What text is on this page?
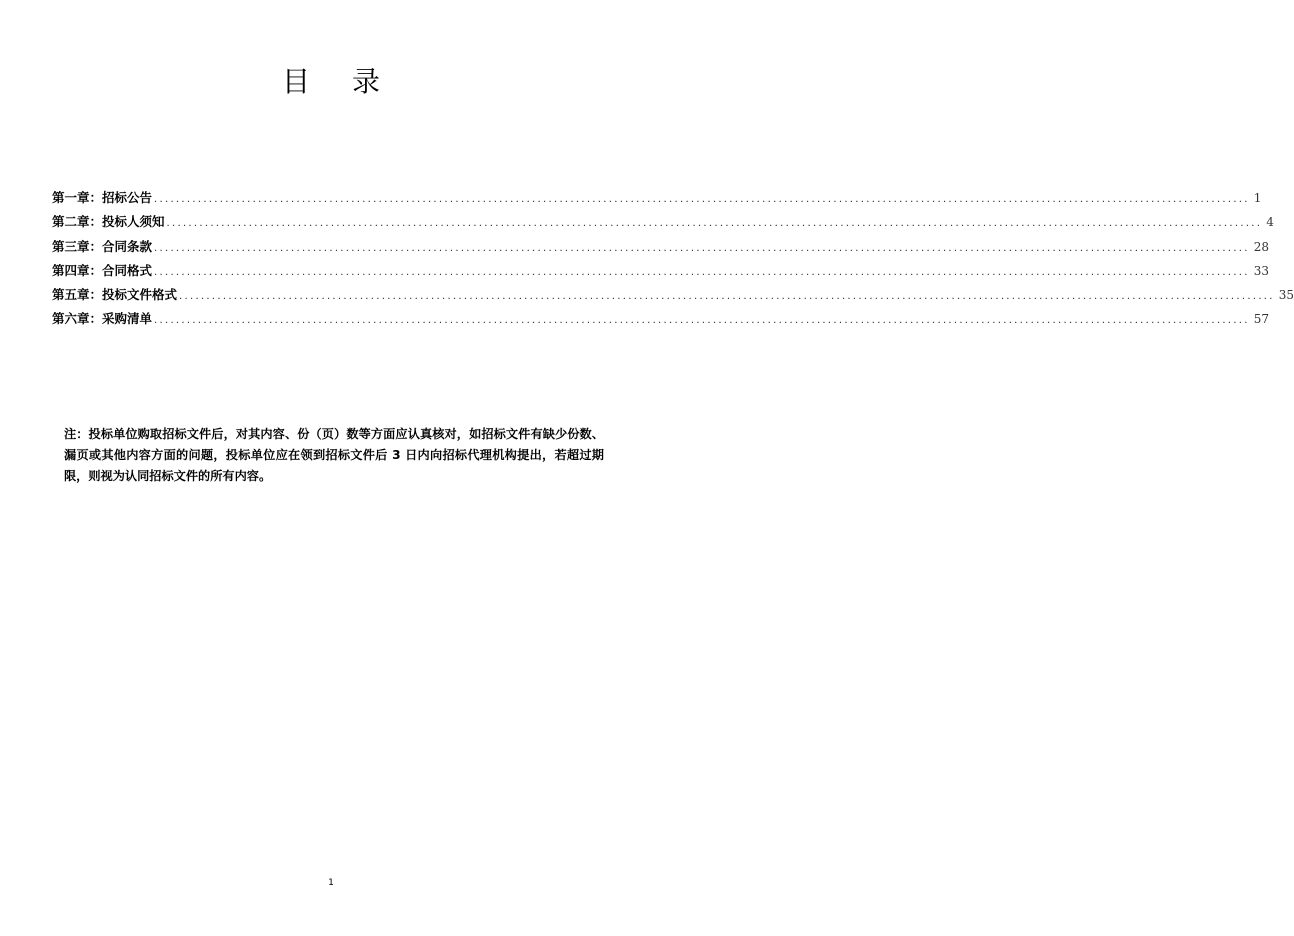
目 录
第一章：招标公告 ........................................................................................................................................................................................................ 1
第二章：投标人须知 ........................................................................................................................................................................................................ 4
第三章：合同条款 ........................................................................................................................................................................................................ 28
第四章：合同格式 ........................................................................................................................................................................................................ 33
第五章：投标文件格式 ........................................................................................................................................................................................................ 35
第六章：采购清单 ........................................................................................................................................................................................................ 57
注：投标单位购取招标文件后，对其内容、份（页）数等方面应认真核对，如招标文件有缺少份数、漏页或其他内容方面的问题，投标单位应在领到招标文件后 3 日内向招标代理机构提出，若超过期限，则视为认同招标文件的所有内容。
1
